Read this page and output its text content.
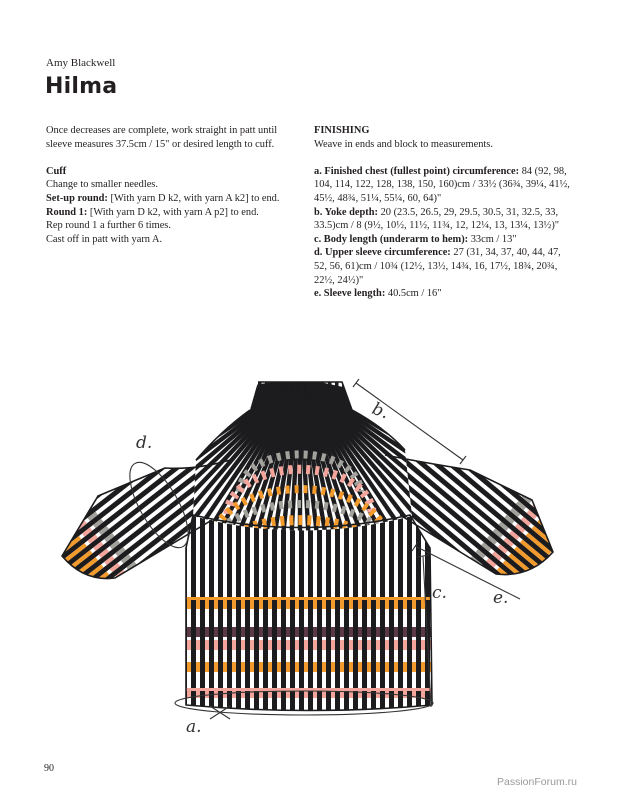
Amy Blackwell
Hilma

Once decreases are complete, work straight in patt until sleeve measures 37.5cm / 15" or desired length to cuff.

Cuff

Change to smaller needles.

Set-up round: [With yarn D k2, with yarn A k2] to end.

Round 1: [With yarn D k2, with yarn A p2] to end.

Rep round 1 a further 6 times.

Cast off in patt with yarn A.

FINISHING

Weave in ends and block to measurements.

a. Finished chest (fullest point) circumference: 84 (92, 98, 104, 114, 122, 128, 138, 150, 160)cm / 33½ (36¾, 39¼, 41½, 45½, 48¾, 51¼, 55¼, 60, 64)"

b. Yoke depth: 20 (23.5, 26.5, 29, 29.5, 30.5, 31, 32.5, 33, 33.5)cm / 8 (9½, 10½, 11½, 11¾, 12, 12¼, 13, 13¼, 13½)"

c. Body length (underarm to hem): 33cm / 13"

d. Upper sleeve circumference: 27 (31, 34, 37, 40, 44, 47, 52, 56, 61)cm / 10¾ (12½, 13½, 14¾, 16, 17½, 18¾, 20¾, 22½, 24½)"

e. Sleeve length: 40.5cm / 16"

b.
d.
c.	e.
a.
90
PassionForum.ru
